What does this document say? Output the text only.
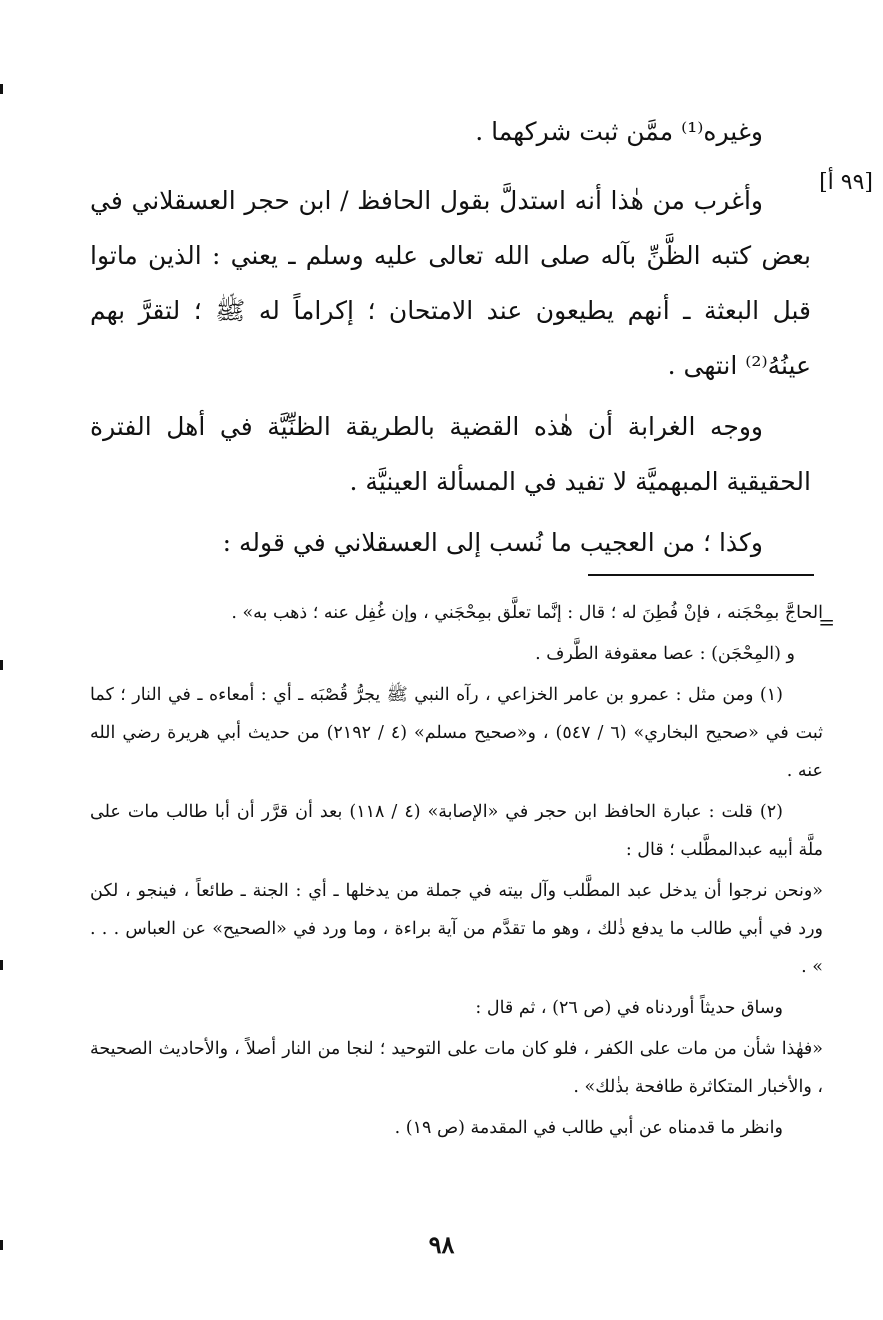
[٩٩ أ]

وغيره⁽¹⁾ ممَّن ثبت شركهما .

وأغرب من هٰذا أنه استدلَّ بقول الحافظ / ابن حجر العسقلاني في بعض كتبه الظَّنِّ بآله صلى الله تعالى عليه وسلم ـ يعني : الذين ماتوا قبل البعثة ـ أنهم يطيعون عند الامتحان ؛ إكراماً له ﷺ ؛ لتقرَّ بهم عينُهُ⁽²⁾ انتهى .

ووجه الغرابة أن هٰذه القضية بالطريقة الظنِّيَّة في أهل الفترة الحقيقية المبهميَّة لا تفيد في المسألة العينيَّة .

وكذا ؛ من العجيب ما نُسب إلى العسقلاني في قوله :

=

الحاجَّ بمِحْجَنه ، فإنْ فُطِنَ له ؛ قال : إنَّما تعلَّق بمِحْجَني ، وإن غُفِل عنه ؛ ذهب به» .

و (المِحْجَن) : عصا معقوفة الطَّرف .

(١) ومن مثل : عمرو بن عامر الخزاعي ، رآه النبي ﷺ يجرُّ قُصْبَه ـ أي : أمعاءه ـ في النار ؛ كما ثبت في «صحيح البخاري» (٦ / ٥٤٧) ، و«صحيح مسلم» (٤ / ٢١٩٢) من حديث أبي هريرة رضي الله عنه .

(٢) قلت : عبارة الحافظ ابن حجر في «الإصابة» (٤ / ١١٨) بعد أن قرَّر أن أبا طالب مات على ملَّة أبيه عبدالمطَّلب ؛ قال :

«ونحن نرجوا أن يدخل عبد المطَّلب وآل بيته في جملة من يدخلها ـ أي : الجنة ـ طائعاً ، فينجو ، لكن ورد في أبي طالب ما يدفع ذٰلك ، وهو ما تقدَّم من آية براءة ، وما ورد في «الصحيح» عن العباس . . . » .

وساق حديثاً أوردناه في (ص ٢٦) ، ثم قال :

«فهٰذا شأن من مات على الكفر ، فلو كان مات على التوحيد ؛ لنجا من النار أصلاً ، والأحاديث الصحيحة ، والأخبار المتكاثرة طافحة بذٰلك» .

وانظر ما قدمناه عن أبي طالب في المقدمة (ص ١٩) .

٩٨
